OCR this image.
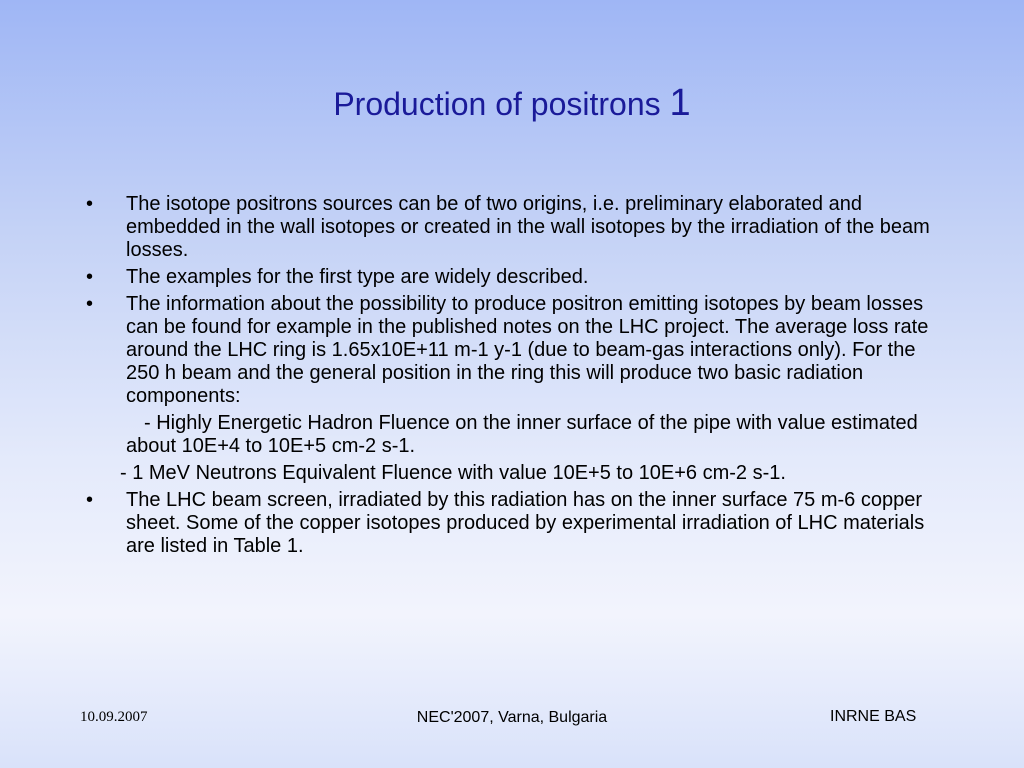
Production of positrons 1
•	The isotope positrons sources can be of two origins, i.e. preliminary elaborated and embedded in the wall isotopes or created in the wall isotopes by the irradiation of the beam losses.
•	The examples for the first type are widely described.
•	The information about the possibility to produce positron emitting isotopes by beam losses can be found for example in the published notes on the LHC project. The average loss rate around the LHC ring is 1.65x10E+11 m-1 y-1 (due to beam-gas interactions only). For the 250 h beam and the general position in the ring this will produce two basic radiation components:
- Highly Energetic Hadron Fluence on the inner surface of the pipe with value estimated about 10E+4 to 10E+5 cm-2 s-1.
- 1 MeV Neutrons Equivalent Fluence with value 10E+5 to 10E+6 cm-2 s-1.
•	The LHC beam screen, irradiated by this radiation has on the inner surface 75 m-6 copper sheet. Some of the copper isotopes produced by experimental irradiation of LHC materials are listed in Table 1.
10.09.2007	NEC'2007, Varna, Bulgaria	INRNE BAS
